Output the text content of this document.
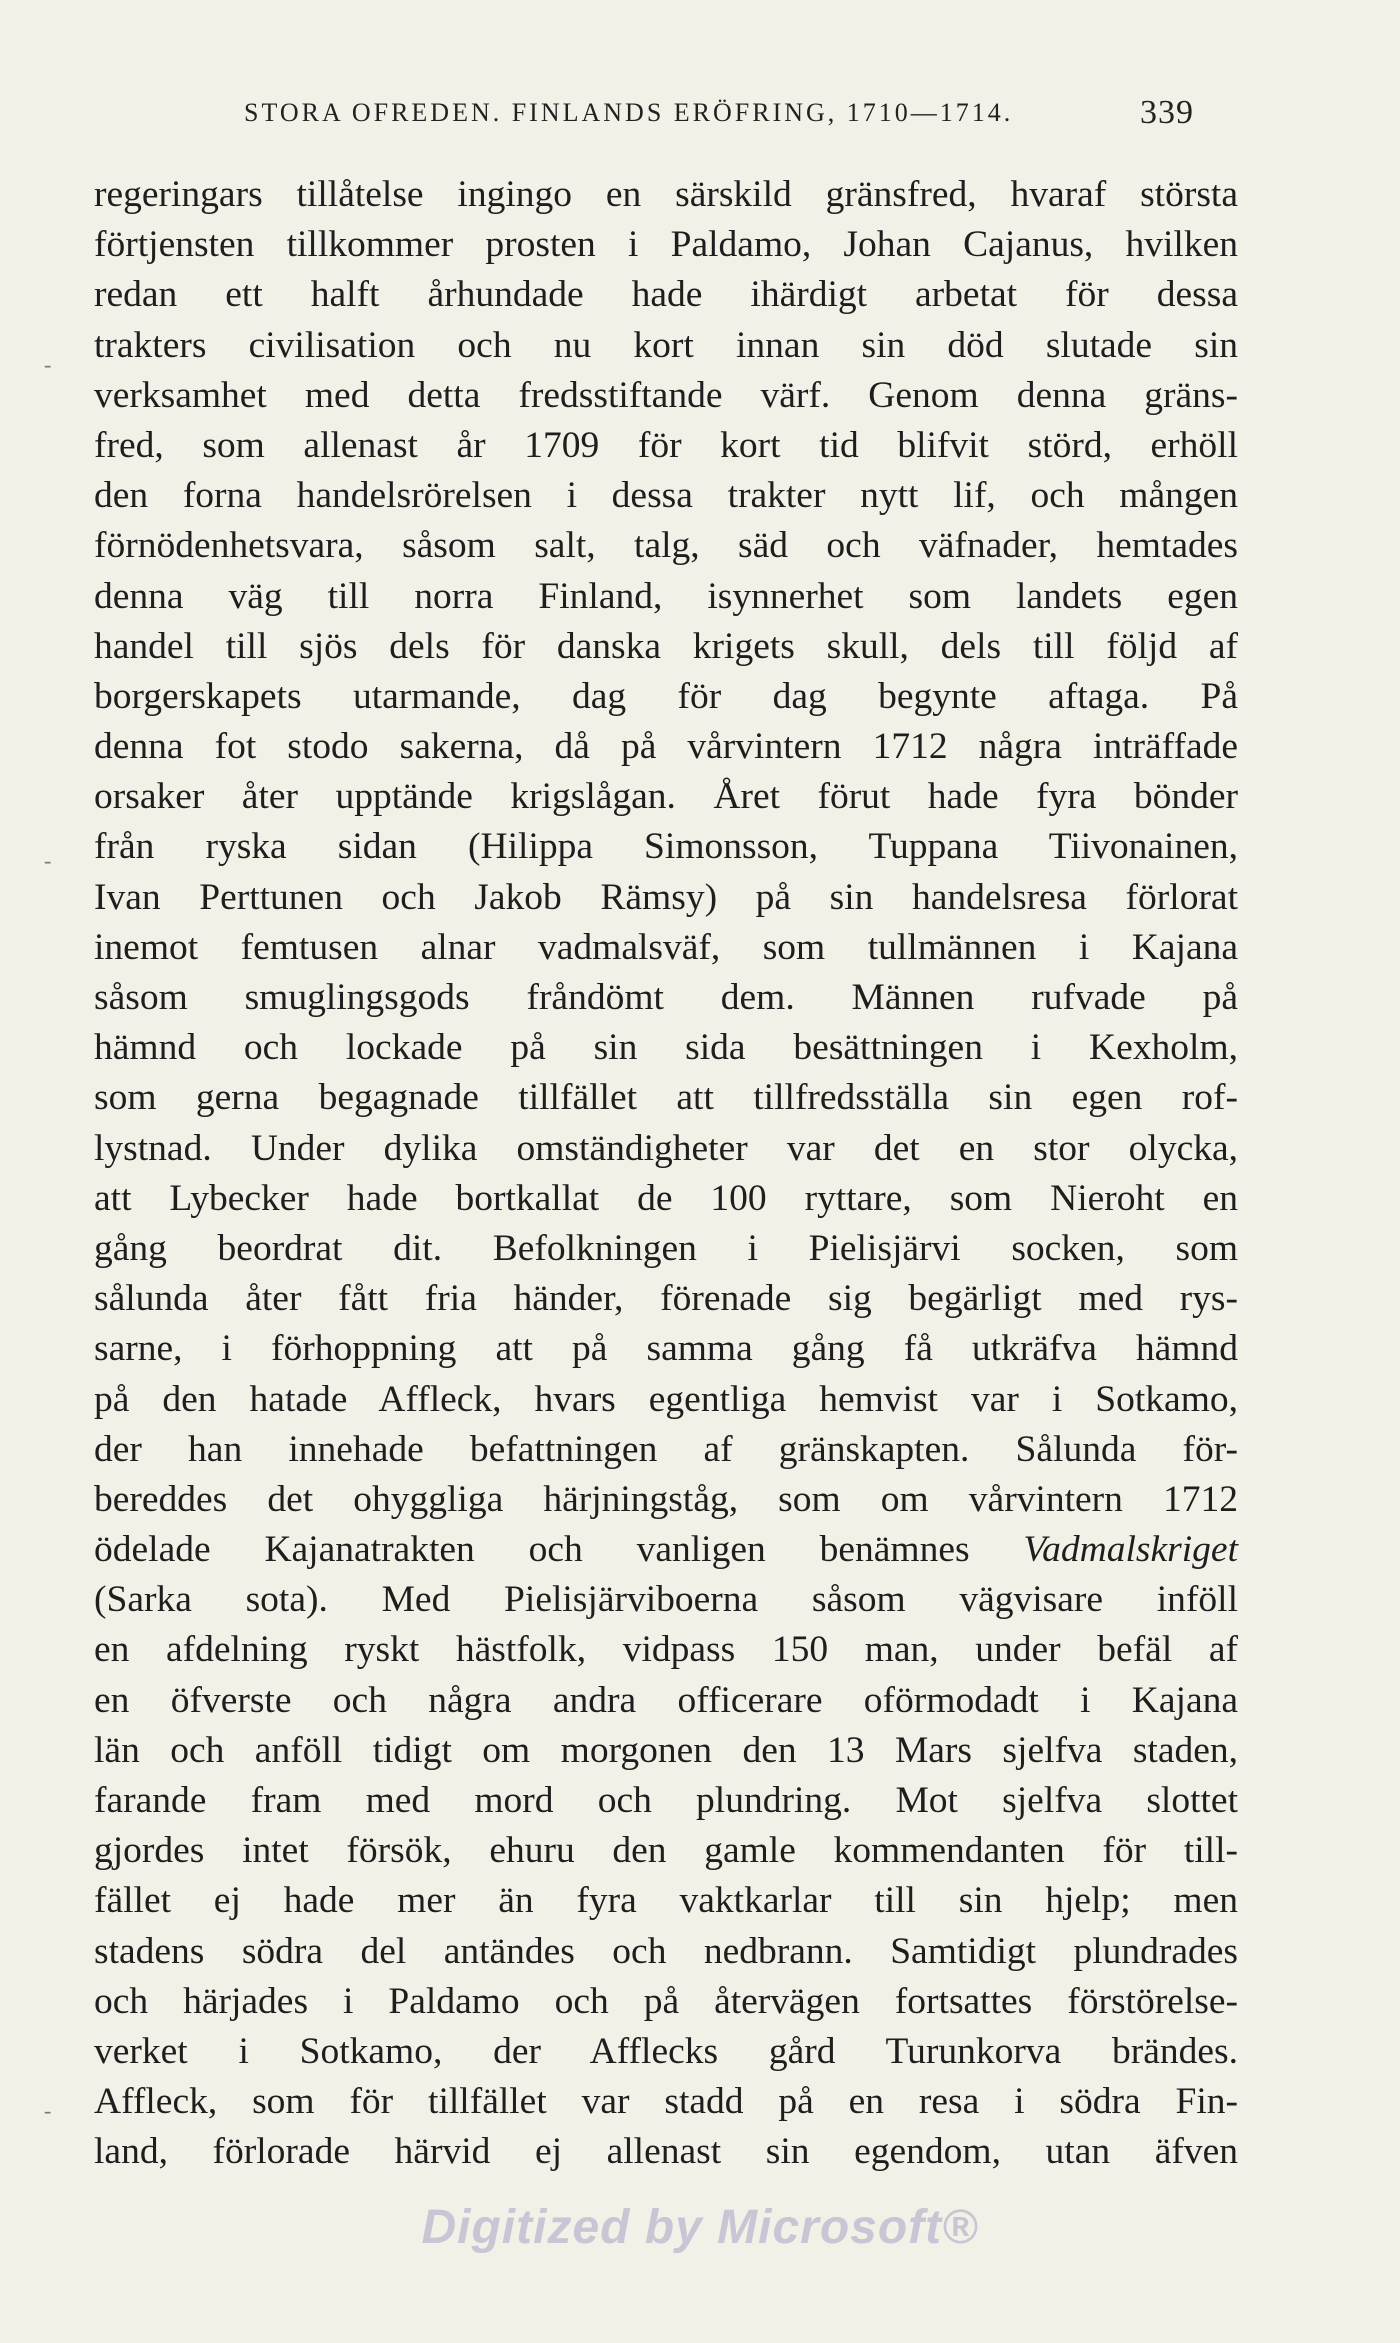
STORA OFREDEN. FINLANDS ERÖFRING, 1710—1714.	339
regeringars tillåtelse ingingo en särskild gränsfred, hvaraf största
förtjensten tillkommer prosten i Paldamo, Johan Cajanus, hvilken
redan ett halft århundade hade ihärdigt arbetat för dessa
trakters civilisation och nu kort innan sin död slutade sin
verksamhet med detta fredsstiftande värf. Genom denna gräns-
fred, som allenast år 1709 för kort tid blifvit störd, erhöll
den forna handelsrörelsen i dessa trakter nytt lif, och mången
förnödenhetsvara, såsom salt, talg, säd och väfnader, hemtades
denna väg till norra Finland, isynnerhet som landets egen
handel till sjös dels för danska krigets skull, dels till följd af
borgerskapets utarmande, dag för dag begynte aftaga. På
denna fot stodo sakerna, då på vårvintern 1712 några inträffade
orsaker åter upptände krigslågan. Året förut hade fyra bönder
från ryska sidan (Hilippa Simonsson, Tuppana Tiivonainen,
Ivan Perttunen och Jakob Rämsy) på sin handelsresa förlorat
inemot femtusen alnar vadmalsväf, som tullmännen i Kajana
såsom smuglingsgods fråndömt dem. Männen rufvade på
hämnd och lockade på sin sida besättningen i Kexholm,
som gerna begagnade tillfället att tillfredsställa sin egen rof-
lystnad. Under dylika omständigheter var det en stor olycka,
att Lybecker hade bortkallat de 100 ryttare, som Nieroht en
gång beordrat dit. Befolkningen i Pielisjärvi socken, som
sålunda åter fått fria händer, förenade sig begärligt med rys-
sarne, i förhoppning att på samma gång få utkräfva hämnd
på den hatade Affleck, hvars egentliga hemvist var i Sotkamo,
der han innehade befattningen af gränskapten. Sålunda för-
bereddes det ohyggliga härjningståg, som om vårvintern 1712
ödelade Kajanatrakten och vanligen benämnes Vadmalskriget
(Sarka sota). Med Pielisjärviboerna såsom vägvisare inföll
en afdelning ryskt hästfolk, vidpass 150 man, under befäl af
en öfverste och några andra officerare oförmodadt i Kajana
län och anföll tidigt om morgonen den 13 Mars sjelfva staden,
farande fram med mord och plundring. Mot sjelfva slottet
gjordes intet försök, ehuru den gamle kommendanten för till-
fället ej hade mer än fyra vaktkarlar till sin hjelp; men
stadens södra del antändes och nedbrann. Samtidigt plundrades
och härjades i Paldamo och på återvägen fortsattes förstörelse-
verket i Sotkamo, der Afflecks gård Turunkorva brändes.
Affleck, som för tillfället var stadd på en resa i södra Fin-
land, förlorade härvid ej allenast sin egendom, utan äfven
Digitized by Microsoft®
-
-
-
